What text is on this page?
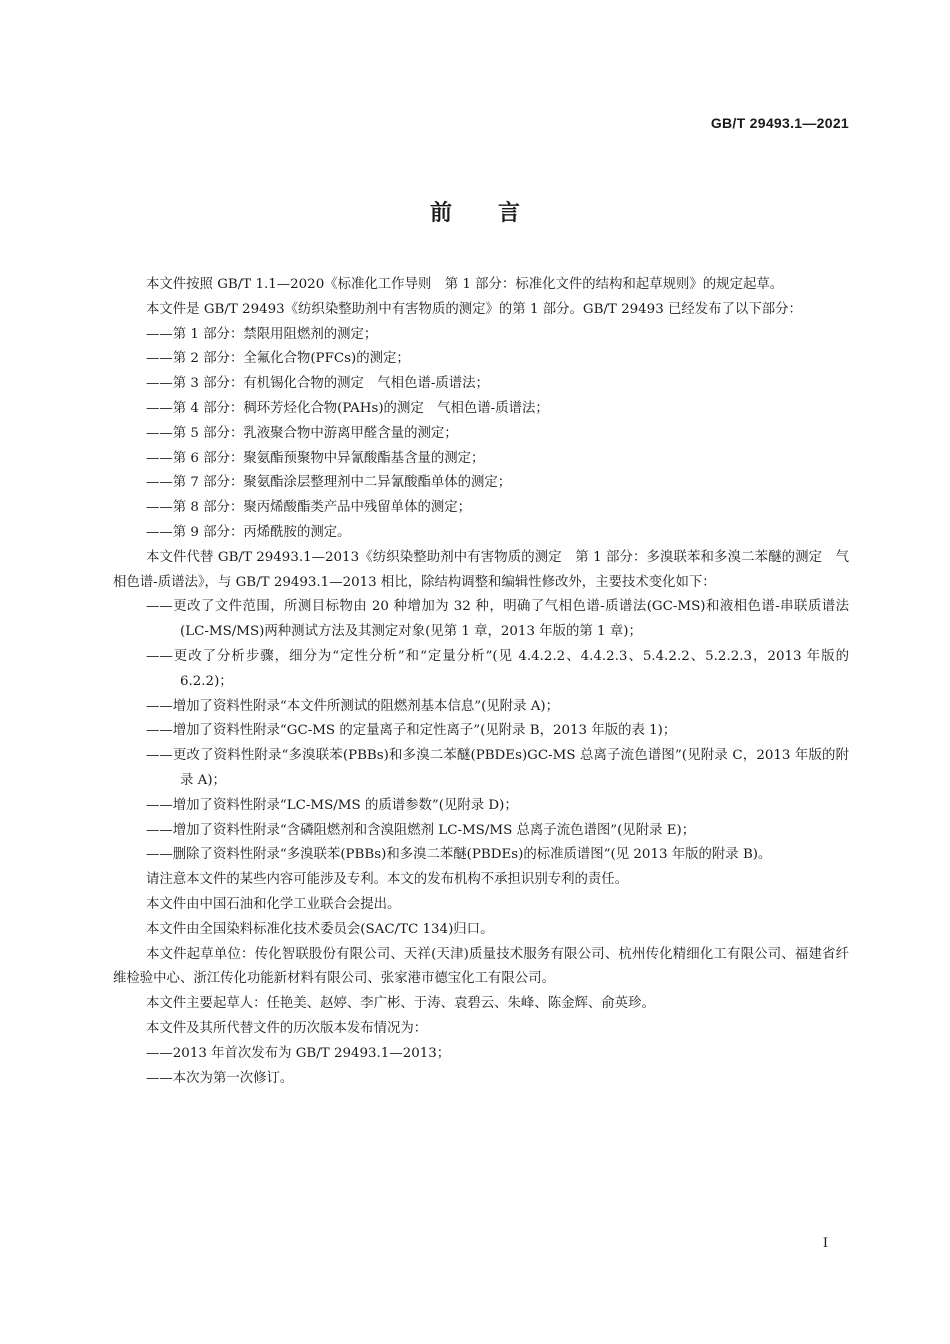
GB/T 29493.1—2021
前言

本文件按照 GB/T 1.1—2020《标准化工作导则　第 1 部分：标准化文件的结构和起草规则》的规定起草。

本文件是 GB/T 29493《纺织染整助剂中有害物质的测定》的第 1 部分。GB/T 29493 已经发布了以下部分：

——第 1 部分：禁限用阻燃剂的测定；

——第 2 部分：全氟化合物(PFCs)的测定；

——第 3 部分：有机锡化合物的测定　气相色谱-质谱法；

——第 4 部分：稠环芳烃化合物(PAHs)的测定　气相色谱-质谱法；

——第 5 部分：乳液聚合物中游离甲醛含量的测定；

——第 6 部分：聚氨酯预聚物中异氰酸酯基含量的测定；

——第 7 部分：聚氨酯涂层整理剂中二异氰酸酯单体的测定；

——第 8 部分：聚丙烯酸酯类产品中残留单体的测定；

——第 9 部分：丙烯酰胺的测定。

本文件代替 GB/T 29493.1—2013《纺织染整助剂中有害物质的测定　第 1 部分：多溴联苯和多溴二苯醚的测定　气相色谱-质谱法》，与 GB/T 29493.1—2013 相比，除结构调整和编辑性修改外，主要技术变化如下：

——更改了文件范围，所测目标物由 20 种增加为 32 种，明确了气相色谱-质谱法(GC-MS)和液相色谱-串联质谱法(LC-MS/MS)两种测试方法及其测定对象(见第 1 章，2013 年版的第 1 章)；

——更改了分析步骤，细分为“定性分析”和“定量分析”(见 4.4.2.2、4.4.2.3、5.4.2.2、5.2.2.3，2013 年版的 6.2.2)；

——增加了资料性附录“本文件所测试的阻燃剂基本信息”(见附录 A)；

——增加了资料性附录“GC-MS 的定量离子和定性离子”(见附录 B，2013 年版的表 1)；

——更改了资料性附录“多溴联苯(PBBs)和多溴二苯醚(PBDEs)GC-MS 总离子流色谱图”(见附录 C，2013 年版的附录 A)；

——增加了资料性附录“LC-MS/MS 的质谱参数”(见附录 D)；

——增加了资料性附录“含磷阻燃剂和含溴阻燃剂 LC-MS/MS 总离子流色谱图”(见附录 E)；

——删除了资料性附录“多溴联苯(PBBs)和多溴二苯醚(PBDEs)的标准质谱图”(见 2013 年版的附录 B)。

请注意本文件的某些内容可能涉及专利。本文的发布机构不承担识别专利的责任。

本文件由中国石油和化学工业联合会提出。

本文件由全国染料标准化技术委员会(SAC/TC 134)归口。

本文件起草单位：传化智联股份有限公司、天祥(天津)质量技术服务有限公司、杭州传化精细化工有限公司、福建省纤维检验中心、浙江传化功能新材料有限公司、张家港市德宝化工有限公司。

本文件主要起草人：任艳美、赵婷、李广彬、于涛、袁碧云、朱峰、陈金辉、俞英珍。

本文件及其所代替文件的历次版本发布情况为：

——2013 年首次发布为 GB/T 29493.1—2013；

——本次为第一次修订。

Ⅰ
